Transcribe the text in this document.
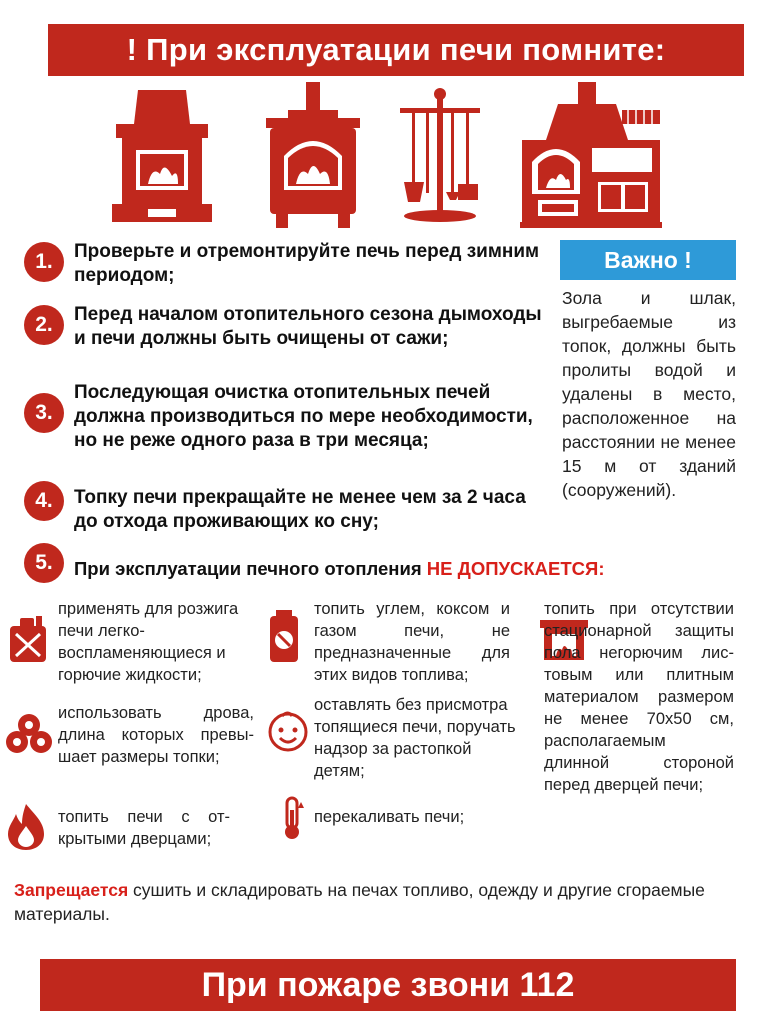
! При эксплуатации печи помните:
1.	Проверьте и отремонтируйте печь перед зимним периодом;
2.	Перед началом отопительного сезона дымоходы и печи должны быть очищены от сажи;
3.
Последующая очистка отопительных печей должна производиться по мере необходимости, но не реже одного раза в три месяца;
4.	Топку печи прекращайте не менее чем за 2 часа до отхода проживающих ко сну;
Важно !
Зола и шлак, выгребаемые из топок, должны быть пролиты водой и удалены в место, расположенное на расстоянии не менее 15 м от зданий (сооружений).
5.	При эксплуатации печного отопления НЕ ДОПУСКАЕТСЯ:
применять для розжига печи легковоспламеняющиеся и горючие жидкости;
использовать дрова, длина которых превышает размеры топки;
топить печи с открытыми дверцами;
топить углем, коксом и газом печи, не предназначенные для этих видов топлива;
оставлять без присмотра топящиеся печи, поручать надзор за растопкой детям;
перекаливать печи;
топить при отсутствии стационарной защиты пола негорючим листовым или плитным материалом размером не менее 70х50 см, располагаемым длинной стороной перед дверцей печи;
Запрещается сушить и складировать на печах топливо, одежду и другие сгораемые материалы.
При пожаре звони 112
